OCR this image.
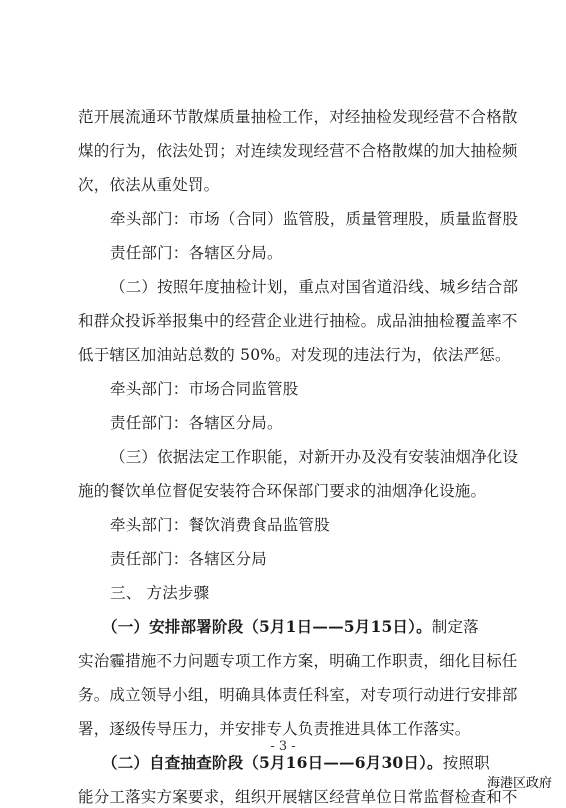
范开展流通环节散煤质量抽检工作，对经抽检发现经营不合格散
煤的行为，依法处罚；对连续发现经营不合格散煤的加大抽检频
次，依法从重处罚。
牵头部门：市场（合同）监管股，质量管理股，质量监督股
责任部门：各辖区分局。
（二）按照年度抽检计划，重点对国省道沿线、城乡结合部
和群众投诉举报集中的经营企业进行抽检。成品油抽检覆盖率不
低于辖区加油站总数的 50%。对发现的违法行为，依法严惩。
牵头部门：市场合同监管股
责任部门：各辖区分局。
（三）依据法定工作职能，对新开办及没有安装油烟净化设
施的餐饮单位督促安装符合环保部门要求的油烟净化设施。
牵头部门：餐饮消费食品监管股
责任部门：各辖区分局
三、 方法步骤
（一）安排部署阶段（5月1日——5月15日）。制定落
实治霾措施不力问题专项工作方案，明确工作职责，细化目标任
务。成立领导小组，明确具体责任科室，对专项行动进行安排部
署，逐级传导压力，并安排专人负责推进具体工作落实。
（二）自查抽查阶段（5月16日——6月30日）。按照职
能分工落实方案要求，组织开展辖区经营单位日常监督检查和不
- 3 -
海港区政府
